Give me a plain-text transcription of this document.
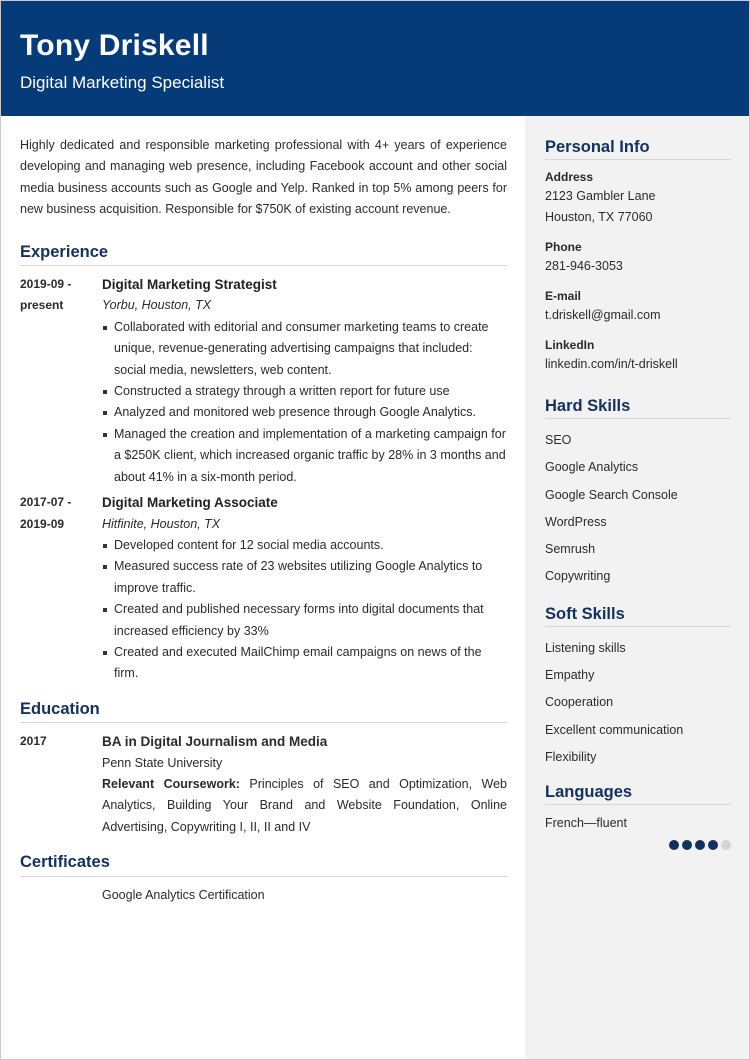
Tony Driskell
Digital Marketing Specialist

Highly dedicated and responsible marketing professional with 4+ years of experience developing and managing web presence, including Facebook account and other social media business accounts such as Google and Yelp. Ranked in top 5% among peers for new business acquisition. Responsible for $750K of existing account revenue.

Experience
2019-09 -
present
Digital Marketing Strategist
Yorbu, Houston, TX
Collaborated with editorial and consumer marketing teams to create unique, revenue-generating advertising campaigns that included: social media, newsletters, web content.
Constructed a strategy through a written report for future use
Analyzed and monitored web presence through Google Analytics.
Managed the creation and implementation of a marketing campaign for a $250K client, which increased organic traffic by 28% in 3 months and about 41% in a six-month period.
2017-07 -
2019-09
Digital Marketing Associate
Hitfinite, Houston, TX
Developed content for 12 social media accounts.
Measured success rate of 23 websites utilizing Google Analytics to improve traffic.
Created and published necessary forms into digital documents that increased efficiency by 33%
Created and executed MailChimp email campaigns on news of the firm.
Education
2017	BA in Digital Journalism and Media
Penn State University

Relevant Coursework: Principles of SEO and Optimization, Web Analytics, Building Your Brand and Website Foundation, Online Advertising, Copywriting I, II, II and IV

Certificates
Google Analytics Certification
Personal Info
Address
2123 Gambler Lane
Houston, TX 77060
Phone
281-946-3053
E-mail
t.driskell@gmail.com
LinkedIn
linkedin.com/in/t-driskell
Hard Skills
SEO
Google Analytics
Google Search Console
WordPress
Semrush
Copywriting
Soft Skills
Listening skills
Empathy
Cooperation
Excellent communication
Flexibility
Languages
French—fluent
